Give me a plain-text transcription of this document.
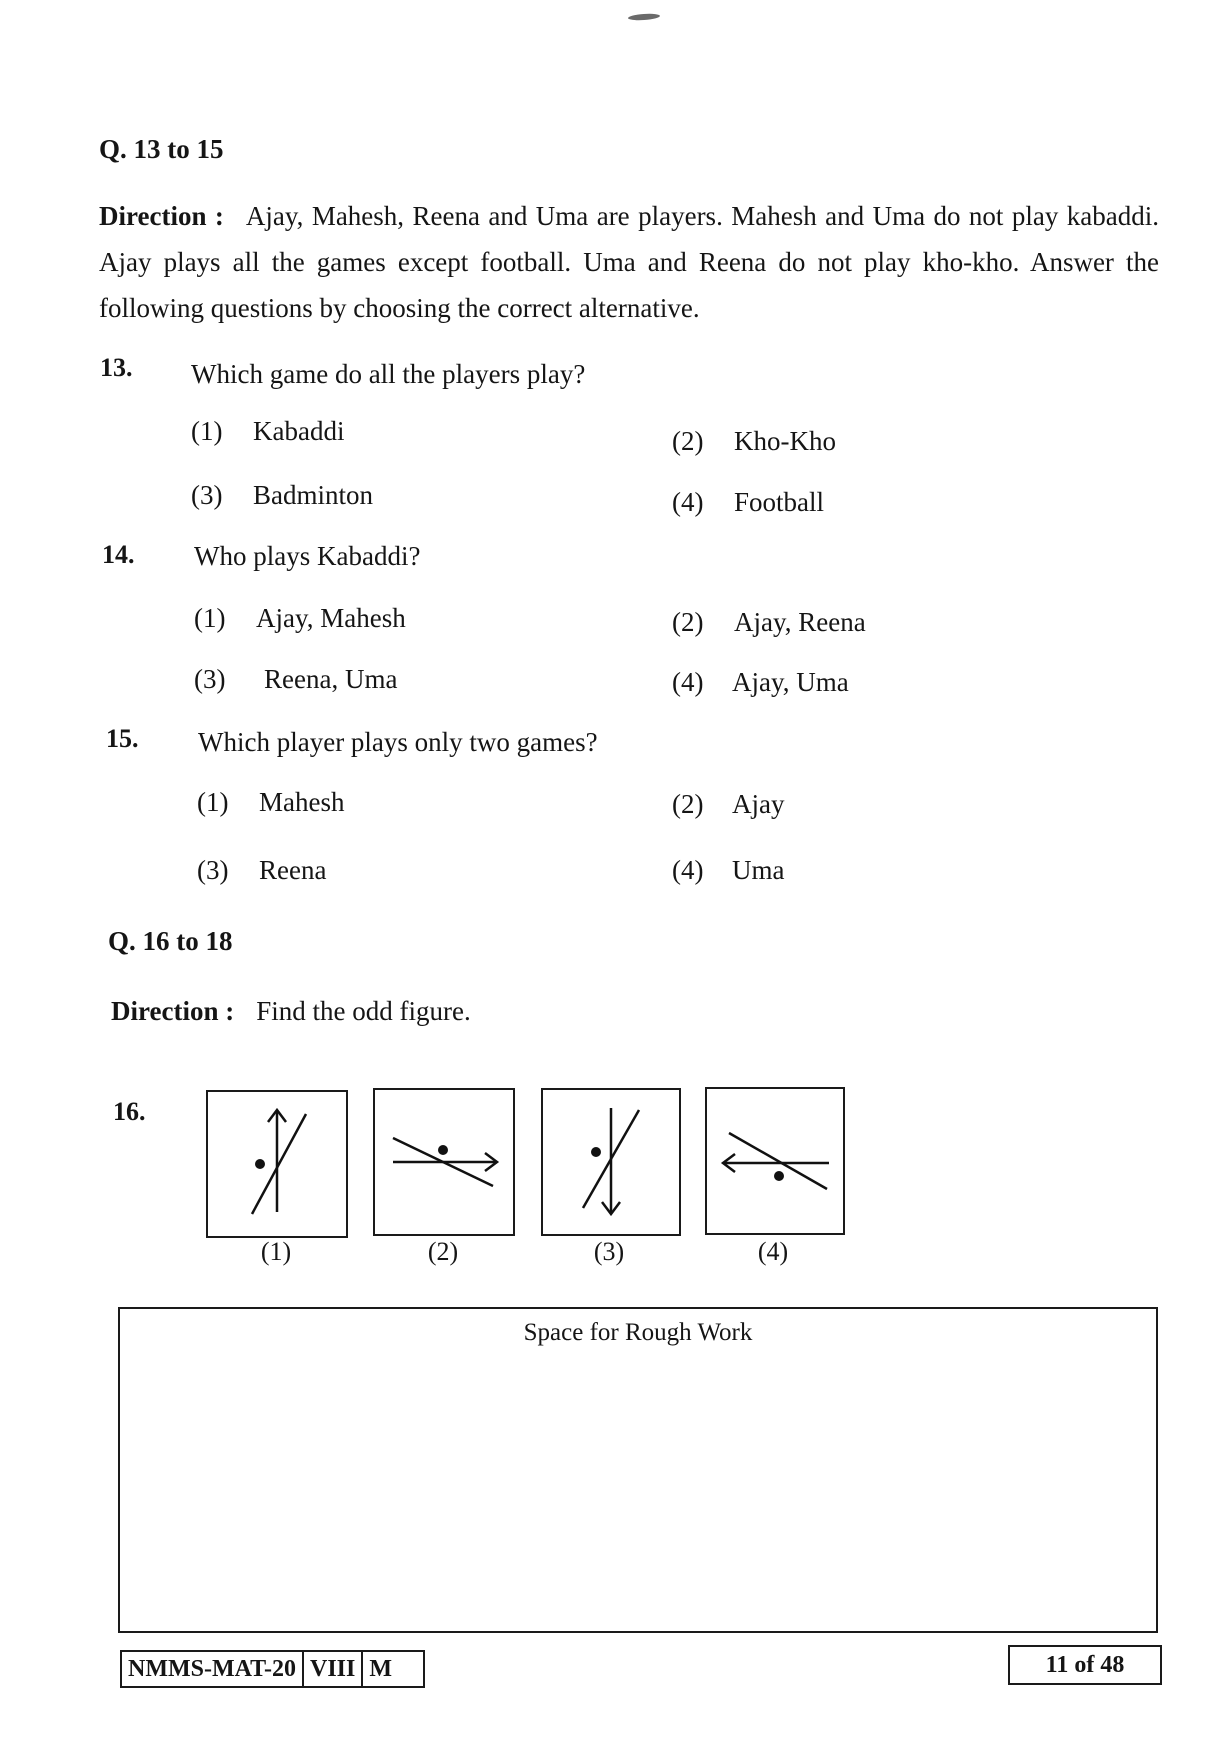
Q. 13 to 15
Direction : Ajay, Mahesh, Reena and Uma are players. Mahesh and Uma do not play kabaddi. Ajay plays all the games except football. Uma and Reena do not play kho-kho. Answer the following questions by choosing the correct alternative.
13. Which game do all the players play?
(1) Kabaddi	(2) Kho-Kho
(3) Badminton	(4) Football
14. Who plays Kabaddi?
(1) Ajay, Mahesh	(2) Ajay, Reena
(3) Reena, Uma	(4) Ajay, Uma
15. Which player plays only two games?
(1) Mahesh	(2) Ajay
(3) Reena	(4) Uma
Q. 16 to 18
Direction : Find the odd figure.
16.
(1)	(2)	(3)	(4)
Space for Rough Work
NMMS-MAT-20 VIII M	11 of 48
